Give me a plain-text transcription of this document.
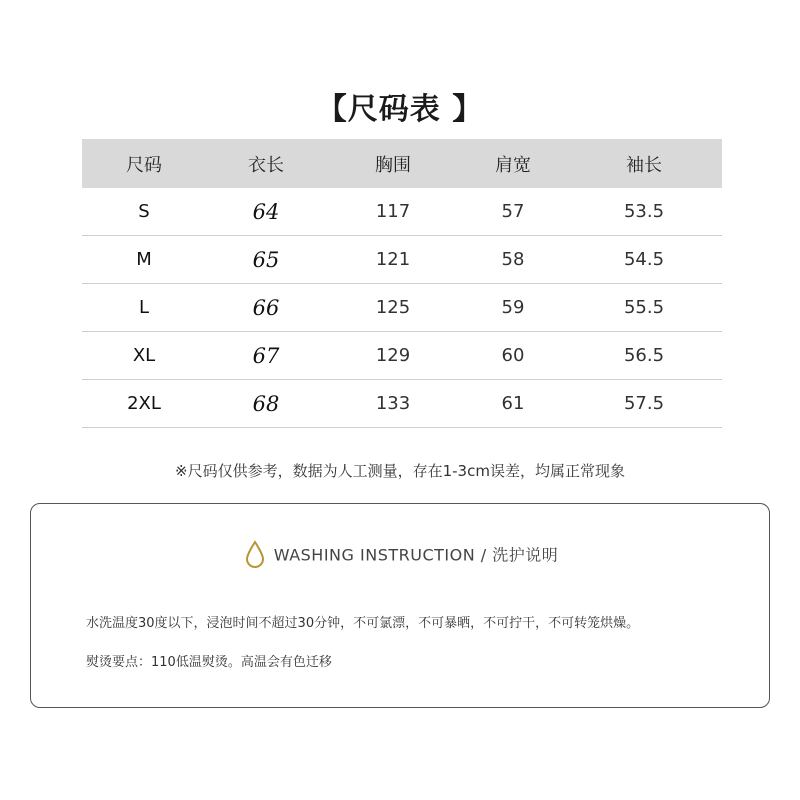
【尺码表 】
尺码	衣长	胸围	肩宽	袖长
S	64	117	57	53.5
M	65	121	58	54.5
L	66	125	59	55.5
XL	67	129	60	56.5
2XL	68	133	61	57.5
※尺码仅供参考，数据为人工测量，存在1-3cm误差，均属正常现象
WASHING INSTRUCTION / 洗护说明
水洗温度30度以下，浸泡时间不超过30分钟，不可氯漂，不可暴晒，不可拧干，不可转笼烘燥。
熨烫要点：110低温熨烫。高温会有色迁移
